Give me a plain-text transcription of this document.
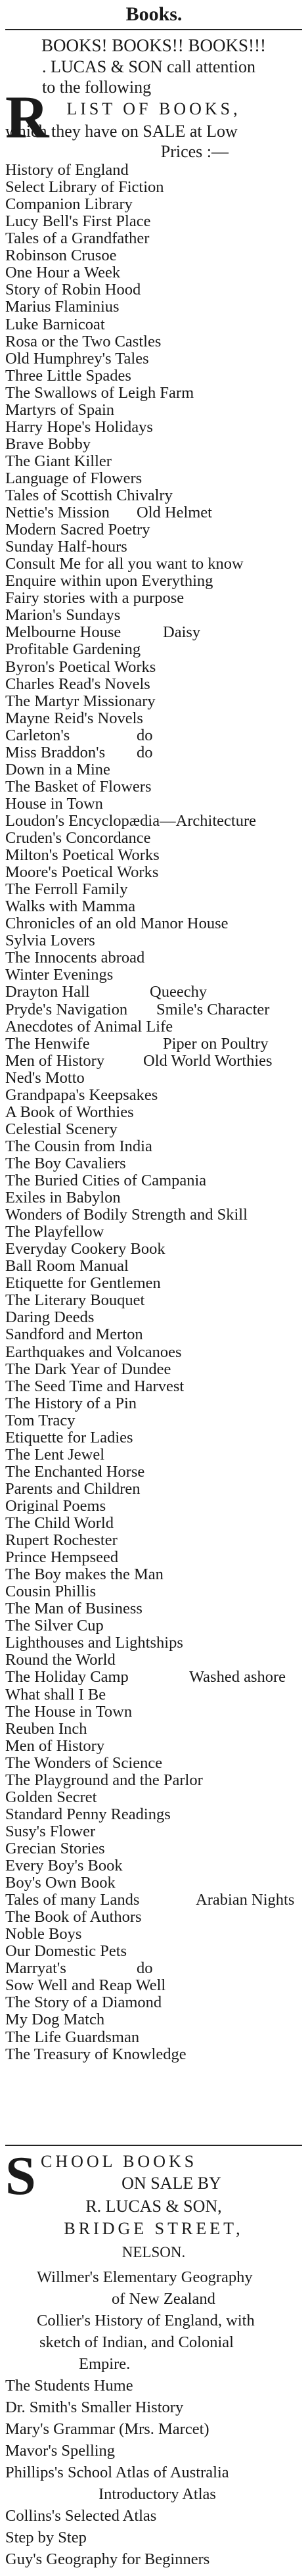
Books.
BOOKS! BOOKS!! BOOKS!!!
R
. LUCAS & SON call attention
to the following
LIST OF BOOKS,
which they have on SALE at Low
Prices :—
History of England
Select Library of Fiction
Companion Library
Lucy Bell's First Place
Tales of a Grandfather
Robinson Crusoe
One Hour a Week
Story of Robin Hood
Marius Flaminius
Luke Barnicoat
Rosa or the Two Castles
Old Humphrey's Tales
Three Little Spades
The Swallows of Leigh Farm
Martyrs of Spain
Harry Hope's Holidays
Brave Bobby
The Giant Killer
Language of Flowers
Tales of Scottish Chivalry
Nettie's Mission Old Helmet
Modern Sacred Poetry
Sunday Half-hours
Consult Me for all you want to know
Enquire within upon Everything
Fairy stories with a purpose
Marion's Sundays
Melbourne House	Daisy
Profitable Gardening
Byron's Poetical Works
Charles Read's Novels
The Martyr Missionary
Mayne Reid's Novels
Carleton's	do
Miss Braddon's do
Down in a Mine
The Basket of Flowers
House in Town
Loudon's Encyclopædia—Architecture
Cruden's Concordance
Milton's Poetical Works
Moore's Poetical Works
The Ferroll Family
Walks with Mamma
Chronicles of an old Manor House
Sylvia Lovers
The Innocents abroad
Winter Evenings
Drayton Hall	Queechy
Pryde's Navigation Smile's Character
Anecdotes of Animal Life
The Henwife	Piper on Poultry
Men of History Old World Worthies
Ned's Motto
Grandpapa's Keepsakes
A Book of Worthies
Celestial Scenery
The Cousin from India
The Boy Cavaliers
The Buried Cities of Campania
Exiles in Babylon
Wonders of Bodily Strength and Skill
The Playfellow
Everyday Cookery Book
Ball Room Manual
Etiquette for Gentlemen
The Literary Bouquet
Daring Deeds
Sandford and Merton
Earthquakes and Volcanoes
The Dark Year of Dundee
The Seed Time and Harvest
The History of a Pin
Tom Tracy
Etiquette for Ladies
The Lent Jewel
The Enchanted Horse
Parents and Children
Original Poems
The Child World
Rupert Rochester
Prince Hempseed
The Boy makes the Man
Cousin Phillis
The Man of Business
The Silver Cup
Lighthouses and Lightships
Round the World
The Holiday Camp	Washed ashore
What shall I Be
The House in Town
Reuben Inch
Men of History
The Wonders of Science
The Playground and the Parlor
Golden Secret
Standard Penny Readings
Susy's Flower
Grecian Stories
Every Boy's Book
Boy's Own Book
Tales of many Lands	Arabian Nights
The Book of Authors
Noble Boys
Our Domestic Pets
Marryat's	do
Sow Well and Reap Well
The Story of a Diamond
My Dog Match
The Life Guardsman
The Treasury of Knowledge
S CHOOL BOOKS
ON SALE BY
R. LUCAS & SON,
BRIDGE STREET,
NELSON.
Willmer's Elementary Geography
of New Zealand
Collier's History of England, with
sketch of Indian, and Colonial
Empire.
The Students Hume
Dr. Smith's Smaller History
Mary's Grammar (Mrs. Marcet)
Mavor's Spelling
Phillips's School Atlas of Australia
Introductory Atlas
Collins's Selected Atlas
Step by Step
Guy's Geography for Beginners
